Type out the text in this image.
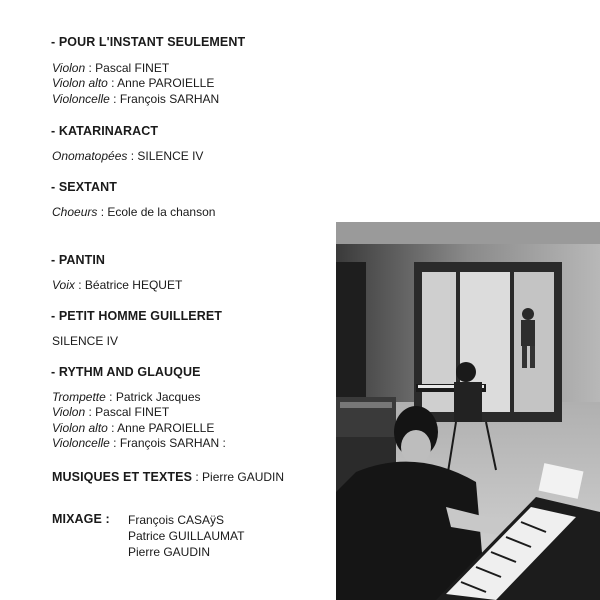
- POUR L'INSTANT SEULEMENT
Violon : Pascal FINET
Violon alto : Anne PAROIELLE
Violoncelle : François SARHAN
- KATARINARACT
Onomatopées : SILENCE IV
- SEXTANT
Choeurs : Ecole de la chanson
- PANTIN
Voix : Béatrice HEQUET
- PETIT HOMME GUILLERET
SILENCE IV
- RYTHM AND GLAUQUE
Trompette : Patrick Jacques
Violon : Pascal FINET
Violon alto : Anne PAROIELLE
Violoncelle : François SARHAN :
MUSIQUES ET TEXTES : Pierre GAUDIN
MIXAGE : François CASAÿS
Patrice GUILLAUMAT
Pierre GAUDIN
